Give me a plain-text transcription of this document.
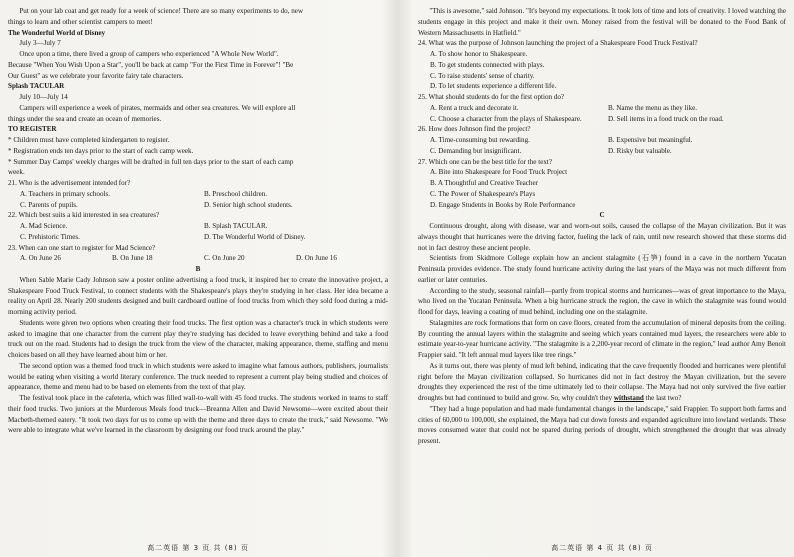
Put on your lab coat and get ready for a week of science! There are so many experiments to do, new

things to learn and other scientist campers to meet!

The Wonderful World of Disney

July 3—July 7

Once upon a time, there lived a group of campers who experienced "A Whole New World".

Because "When You Wish Upon a Star", you'll be back at camp "For the First Time in Forever"! "Be

Our Guest" as we celebrate your favorite fairy tale characters.

Splash TACULAR

July 10—July 14

Campers will experience a week of pirates, mermaids and other sea creatures. We will explore all

things under the sea and create an ocean of memories.

TO REGISTER

* Children must have completed kindergarten to register.

* Registration ends ten days prior to the start of each camp week.

* Summer Day Camps' weekly charges will be drafted in full ten days prior to the start of each camp

week.

21. Who is the advertisement intended for?

A. Teachers in primary schools.	B. Preschool children.
C. Parents of pupils.	D. Senior high school students.

22. Which best suits a kid interested in sea creatures?

A. Mad Science.	B. Splash TACULAR.
C. Prehistoric Times.	D. The Wonderful World of Disney.

23. When can one start to register for Mad Science?

A. On June 26	B. On June 18	C. On June 20	D. On June 16

B

When Sable Marie Cady Johnson saw a poster online advertising a food truck, it inspired her to create the innovative project, a Shakespeare Food Truck Festival, to connect students with the Shakespeare's plays they're studying in her class. Her idea became a reality on April 28. Nearly 200 students designed and built cardboard outline of food trucks from which they sold food during a mid-morning activity period.

Students were given two options when creating their food trucks. The first option was a character's truck in which students were asked to imagine that one character from the current play they're studying has decided to leave everything behind and take a food truck out on the road. Students had to design the truck from the view of the character, making appearance, theme, staffing and menu choices based on all they have learned about him or her.

The second option was a themed food truck in which students were asked to imagine what famous authors, publishers, journalists would be eating when visiting a world literary conference. The truck needed to represent a current play being studied and choices of appearance, theme and menu had to be based on elements from the text of that play.

The festival took place in the cafeteria, which was filled wall-to-wall with 45 food trucks. The students worked in teams to staff their food trucks. Two juniors at the Murderous Meals food truck—Breanna Allen and David Newsome—were excited about their Macbeth-themed eatery. "It took two days for us to come up with the theme and three days to create the truck," said Newsome. "We were able to integrate what we've learned in the classroom by designing our food truck around the play."

高二英语 第 3 页 共 (8) 页

"This is awesome," said Johnson. "It's beyond my expectations. It took lots of time and lots of creativity. I loved watching the students engage in this project and make it their own. Money raised from the festival will be donated to the Food Bank of Western Massachusetts in Hatfield."

24. What was the purpose of Johnson launching the project of a Shakespeare Food Truck Festival?

A. To show honor to Shakespeare.

B. To get students connected with plays.

C. To raise students' sense of charity.

D. To let students experience a different life.

25. What should students do for the first option do?

A. Rent a truck and decorate it.	B. Name the menu as they like.
C. Choose a character from the plays of Shakespeare.	D. Sell items in a food truck on the road.

26. How does Johnson find the project?

A. Time-consuming but rewarding.	B. Expensive but meaningful.
C. Demanding but insignificant.	D. Risky but valuable.

27. Which one can be the best title for the text?

A. Bite into Shakespeare for Food Truck Project

B. A Thoughtful and Creative Teacher

C. The Power of Shakespeare's Plays

D. Engage Students in Books by Role Performance

C

Continuous drought, along with disease, war and worn-out soils, caused the collapse of the Mayan civilization. But it was always thought that hurricanes were the driving factor, fueling the lack of rain, until new research showed that these storms did not in fact destroy these ancient people.

Scientists from Skidmore College explain how an ancient stalagmite (石笋) found in a cave in the northern Yucatan Peninsula provides evidence. The study found hurricane activity during the last years of the Maya was not much different from earlier or later centuries.

According to the study, seasonal rainfall—partly from tropical storms and hurricanes—was of great importance to the Maya, who lived on the Yucatan Peninsula. When a big hurricane struck the region, the cave in which the stalagmite was found would flood for days, leaving a coating of mud behind, including one on the stalagmite.

Stalagmites are rock formations that form on cave floors, created from the accumulation of mineral deposits from the ceiling. By counting the annual layers within the stalagmite and seeing which years contained mud layers, the researchers were able to estimate year-to-year hurricane activity. "The stalagmite is a 2,200-year record of climate in the region," lead author Amy Benoit Frappier said. "It left annual mud layers like tree rings."

As it turns out, there was plenty of mud left behind, indicating that the cave frequently flooded and hurricanes were plentiful right before the Mayan civilization collapsed. So hurricanes did not in fact destroy the Mayan civilization, but the severe droughts they experienced the rest of the time ultimately led to their collapse. The Maya had not only survived the five earlier droughts but had continued to build and grow. So, why couldn't they withstand the last two?

"They had a huge population and had made fundamental changes in the landscape," said Frappier. To support both farms and cities of 60,000 to 100,000, she explained, the Maya had cut down forests and expanded agriculture into lowland wetlands. These moves consumed water that could not be spared during periods of drought, which strengthened the drought that was already present.

高二英语 第 4 页 共 (8) 页
